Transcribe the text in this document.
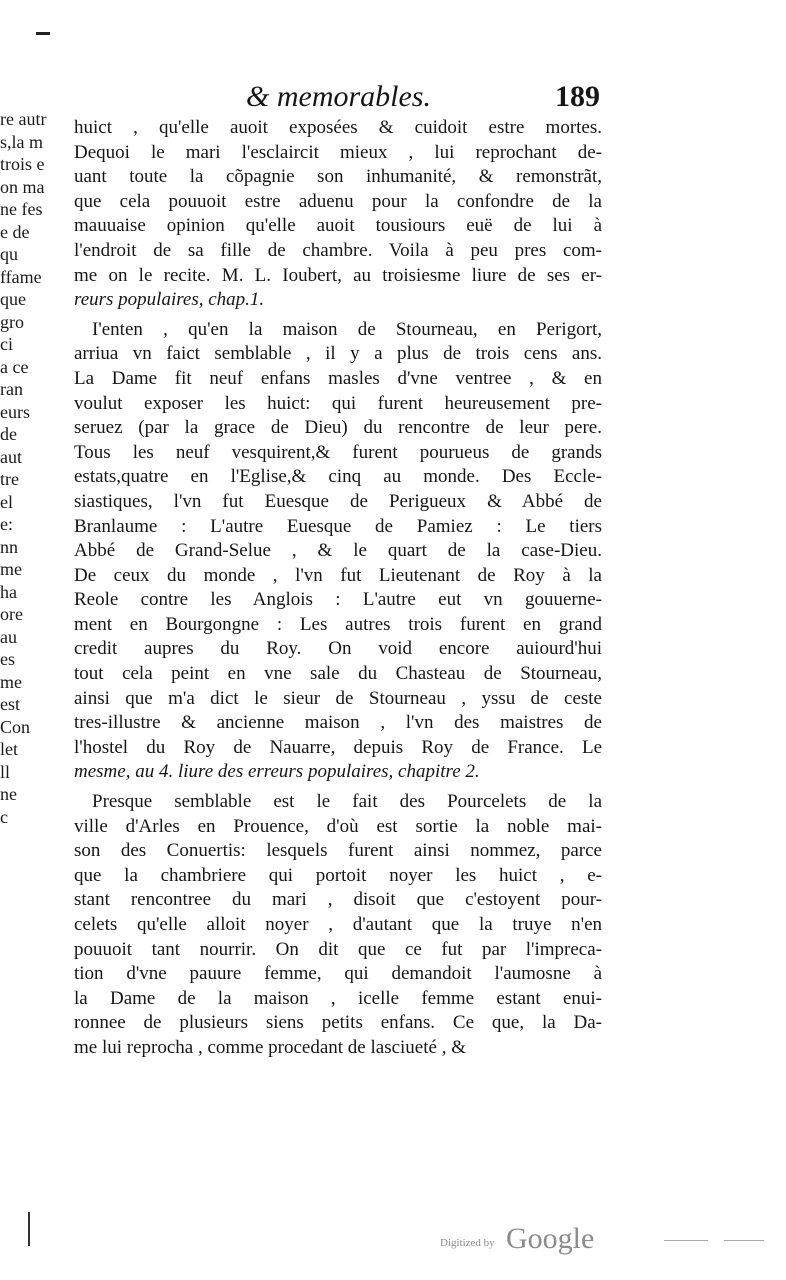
re autr
s,la m
trois e
on ma
ne fes
e de
qu
ffame
que
gro
ci
a ce
ran
eurs
de
aut
tre
el
e:
nn
me
ha
ore
au
es
me
est
Con
let
ll
ne
c
& memorables.	189
huict , qu'elle auoit exposées & cuidoit estre mortes.
Dequoi le mari l'esclaircit mieux , lui reprochant de-
uant toute la cõpagnie son inhumanité, & remonstrãt,
que cela pouuoit estre aduenu pour la confondre de la
mauuaise opinion qu'elle auoit tousiours euë de lui à
l'endroit de sa fille de chambre. Voila à peu pres com-
me on le recite. M. L. Ioubert, au troisiesme liure de ses er-
reurs populaires, chap.1.
I'enten , qu'en la maison de Stourneau, en Perigort,
arriua vn faict semblable , il y a plus de trois cens ans.
La Dame fit neuf enfans masles d'vne ventree , & en
voulut exposer les huict: qui furent heureusement pre-
seruez (par la grace de Dieu) du rencontre de leur pere.
Tous les neuf vesquirent,& furent pourueus de grands
estats,quatre en l'Eglise,& cinq au monde. Des Eccle-
siastiques, l'vn fut Euesque de Perigueux & Abbé de
Branlaume : L'autre Euesque de Pamiez : Le tiers
Abbé de Grand-Selue , & le quart de la case-Dieu.
De ceux du monde , l'vn fut Lieutenant de Roy à la
Reole contre les Anglois : L'autre eut vn gouuerne-
ment en Bourgongne : Les autres trois furent en grand
credit aupres du Roy. On void encore auiourd'hui
tout cela peint en vne sale du Chasteau de Stourneau,
ainsi que m'a dict le sieur de Stourneau , yssu de ceste
tres-illustre & ancienne maison , l'vn des maistres de
l'hostel du Roy de Nauarre, depuis Roy de France. Le
mesme, au 4. liure des erreurs populaires, chapitre 2.
Presque semblable est le fait des Pourcelets de la
ville d'Arles en Prouence, d'où est sortie la noble mai-
son des Conuertis: lesquels furent ainsi nommez, parce
que la chambriere qui portoit noyer les huict , e-
stant rencontree du mari , disoit que c'estoyent pour-
celets qu'elle alloit noyer , d'autant que la truye n'en
pouuoit tant nourrir. On dit que ce fut par l'impreca-
tion d'vne pauure femme, qui demandoit l'aumosne à
la Dame de la maison , icelle femme estant enui-
ronnee de plusieurs siens petits enfans. Ce que, la Da-
me lui reprocha , comme procedant de lasciueté , &
Digitized by Google
